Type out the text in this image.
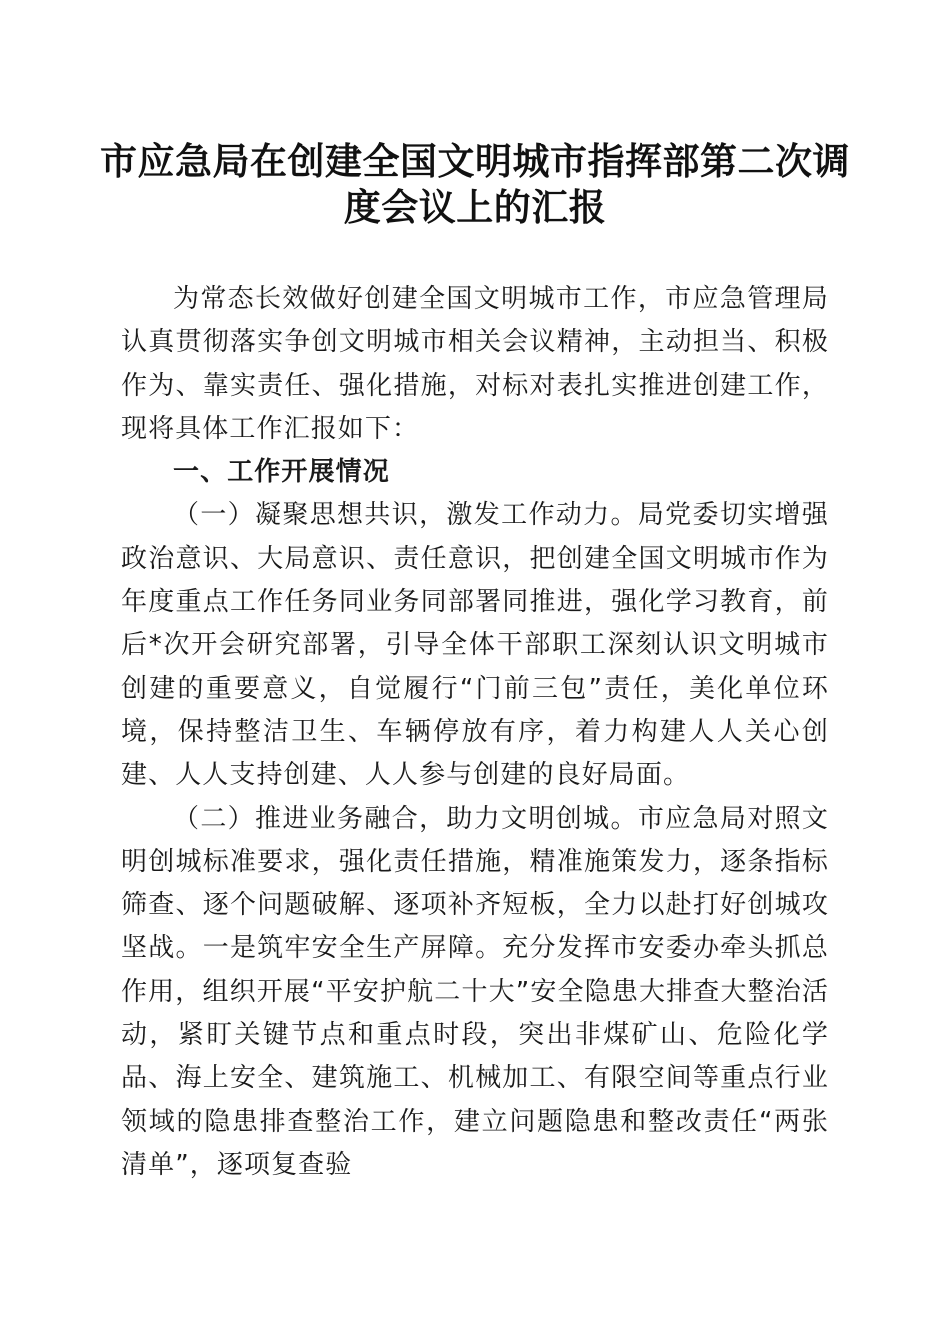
市应急局在创建全国文明城市指挥部第二次调度会议上的汇报

为常态长效做好创建全国文明城市工作，市应急管理局认真贯彻落实争创文明城市相关会议精神，主动担当、积极作为、靠实责任、强化措施，对标对表扎实推进创建工作，现将具体工作汇报如下：

一、工作开展情况

（一）凝聚思想共识，激发工作动力。局党委切实增强政治意识、大局意识、责任意识，把创建全国文明城市作为年度重点工作任务同业务同部署同推进，强化学习教育，前后*次开会研究部署，引导全体干部职工深刻认识文明城市创建的重要意义，自觉履行“门前三包”责任，美化单位环境，保持整洁卫生、车辆停放有序，着力构建人人关心创建、人人支持创建、人人参与创建的良好局面。

（二）推进业务融合，助力文明创城。市应急局对照文明创城标准要求，强化责任措施，精准施策发力，逐条指标筛查、逐个问题破解、逐项补齐短板，全力以赴打好创城攻坚战。一是筑牢安全生产屏障。充分发挥市安委办牵头抓总作用，组织开展“平安护航二十大”安全隐患大排查大整治活动，紧盯关键节点和重点时段，突出非煤矿山、危险化学品、海上安全、建筑施工、机械加工、有限空间等重点行业领域的隐患排查整治工作，建立问题隐患和整改责任“两张清单”，逐项复查验
